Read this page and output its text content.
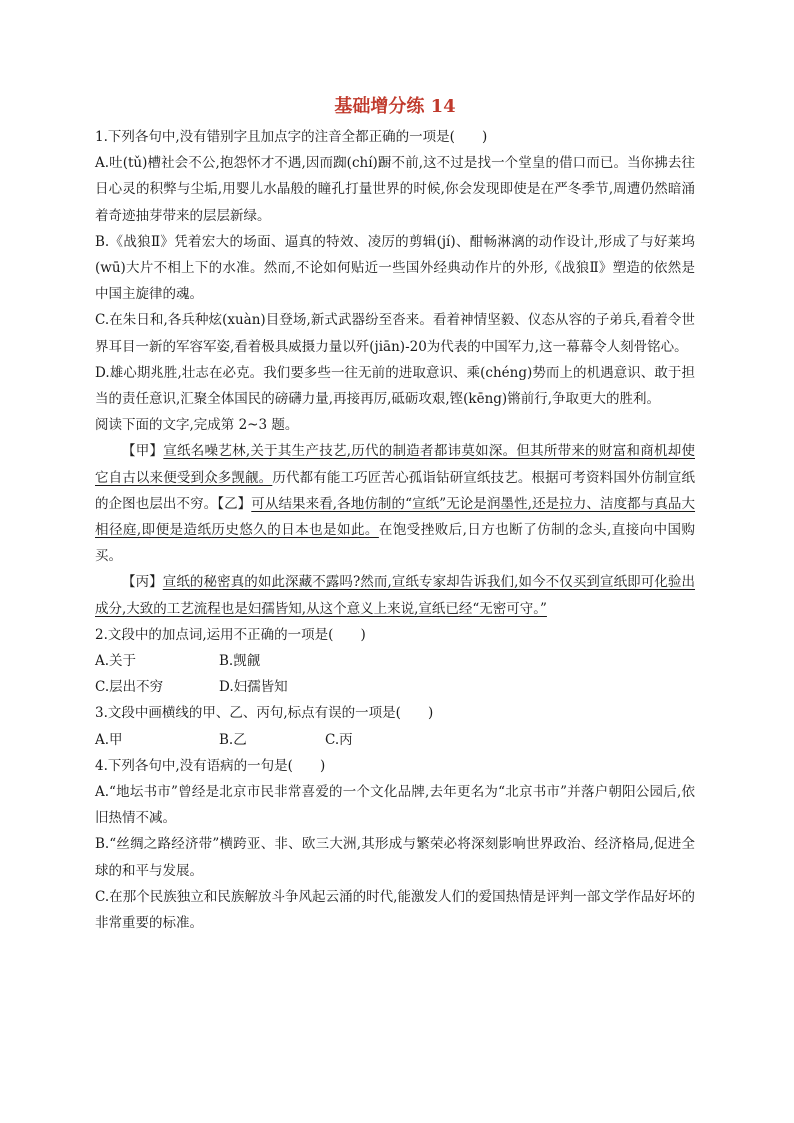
基础增分练 14

1.下列各句中,没有错别字且加点字的注音全都正确的一项是(　　)

A.吐(tǔ)槽社会不公,抱怨怀才不遇,因而踟(chí)蹰不前,这不过是找一个堂皇的借口而已。当你拂去往日心灵的积弊与尘垢,用婴儿水晶般的瞳孔打量世界的时候,你会发现即使是在严冬季节,周遭仍然暗涌着奇迹抽芽带来的层层新绿。

B.《战狼Ⅱ》凭着宏大的场面、逼真的特效、凌厉的剪辑(jí)、酣畅淋漓的动作设计,形成了与好莱坞(wū)大片不相上下的水准。然而,不论如何贴近一些国外经典动作片的外形,《战狼Ⅱ》塑造的依然是中国主旋律的魂。

C.在朱日和,各兵种炫(xuàn)目登场,新式武器纷至沓来。看着神情坚毅、仪态从容的子弟兵,看着令世界耳目一新的军容军姿,看着极具威摄力量以歼(jiān)-20为代表的中国军力,这一幕幕令人刻骨铭心。

D.雄心期兆胜,壮志在必克。我们要多些一往无前的进取意识、乘(chéng)势而上的机遇意识、敢于担当的责任意识,汇聚全体国民的磅礴力量,再接再厉,砥砺攻艰,铿(kēng)锵前行,争取更大的胜利。

阅读下面的文字,完成第 2~3 题。

【甲】宣纸名噪艺林,关于其生产技艺,历代的制造者都讳莫如深。但其所带来的财富和商机却使它自古以来便受到众多觊觎。历代都有能工巧匠苦心孤诣钻研宣纸技艺。根据可考资料国外仿制宣纸的企图也层出不穷。【乙】可从结果来看,各地仿制的“宣纸”无论是润墨性,还是拉力、洁度都与真品大相径庭,即便是造纸历史悠久的日本也是如此。在饱受挫败后,日方也断了仿制的念头,直接向中国购买。

【丙】宣纸的秘密真的如此深藏不露吗?然而,宣纸专家却告诉我们,如今不仅买到宣纸即可化验出成分,大致的工艺流程也是妇孺皆知,从这个意义上来说,宣纸已经“无密可守。”

2.文段中的加点词,运用不正确的一项是(　　)

A.关于	B.觊觎
C.层出不穷	D.妇孺皆知

3.文段中画横线的甲、乙、丙句,标点有误的一项是(　　)

A.甲	B.乙	C.丙

4.下列各句中,没有语病的一句是(　　)

A.“地坛书市”曾经是北京市民非常喜爱的一个文化品牌,去年更名为“北京书市”并落户朝阳公园后,依旧热情不减。

B.“丝绸之路经济带”横跨亚、非、欧三大洲,其形成与繁荣必将深刻影响世界政治、经济格局,促进全球的和平与发展。

C.在那个民族独立和民族解放斗争风起云涌的时代,能激发人们的爱国热情是评判一部文学作品好坏的非常重要的标准。
